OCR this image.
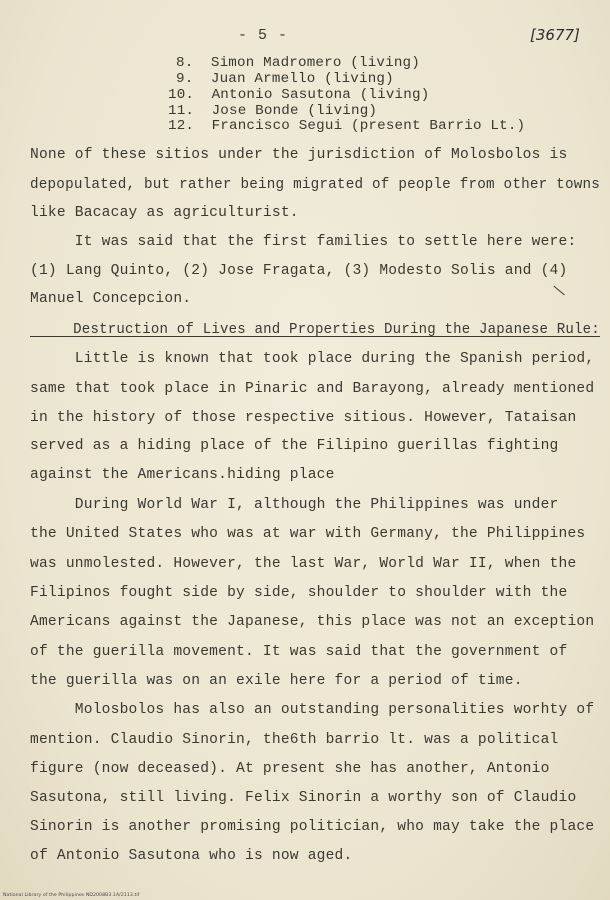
- 5 -	[3677]
8.  Simon Madromero (living)
9.  Juan Armello (living)
10.  Antonio Sasutona (living)
11.  Jose Bonde (living)
12.  Francisco Segui (present Barrio Lt.)
None of these sitios under the jurisdiction of Molosbolos is
depopulated, but rather being migrated of people from other towns
like Bacacay as agriculturist.
It was said that the first families to settle here were:
(1) Lang Quinto, (2) Jose Fragata, (3) Modesto Solis and (4)
Manuel Concepcion.
Destruction of Lives and Properties During the Japanese Rule:
Little is known that took place during the Spanish period,
same that took place in Pinaric and Barayong, already mentioned
in the history of those respective sitious. However, Tataisan
served as a hiding place of the Filipino guerillas fighting
against the Americans.hiding place
During World War I, although the Philippines was under
the United States who was at war with Germany, the Philippines
was unmolested. However, the last War, World War II, when the
Filipinos fought side by side, shoulder to shoulder with the
Americans against the Japanese, this place was not an exception
of the guerilla movement. It was said that the government of
the guerilla was on an exile here for a period of time.
Molosbolos has also an outstanding personalities worhty of
mention. Claudio Sinorin, the6th barrio lt. was a political
figure (now deceased). At present she has another, Antonio
Sasutona, still living. Felix Sinorin a worthy son of Claudio
Sinorin is another promising politician, who may take the place
of Antonio Sasutona who is now aged.
National Library of the Philippines ND2008B3.1A/2113.tif
